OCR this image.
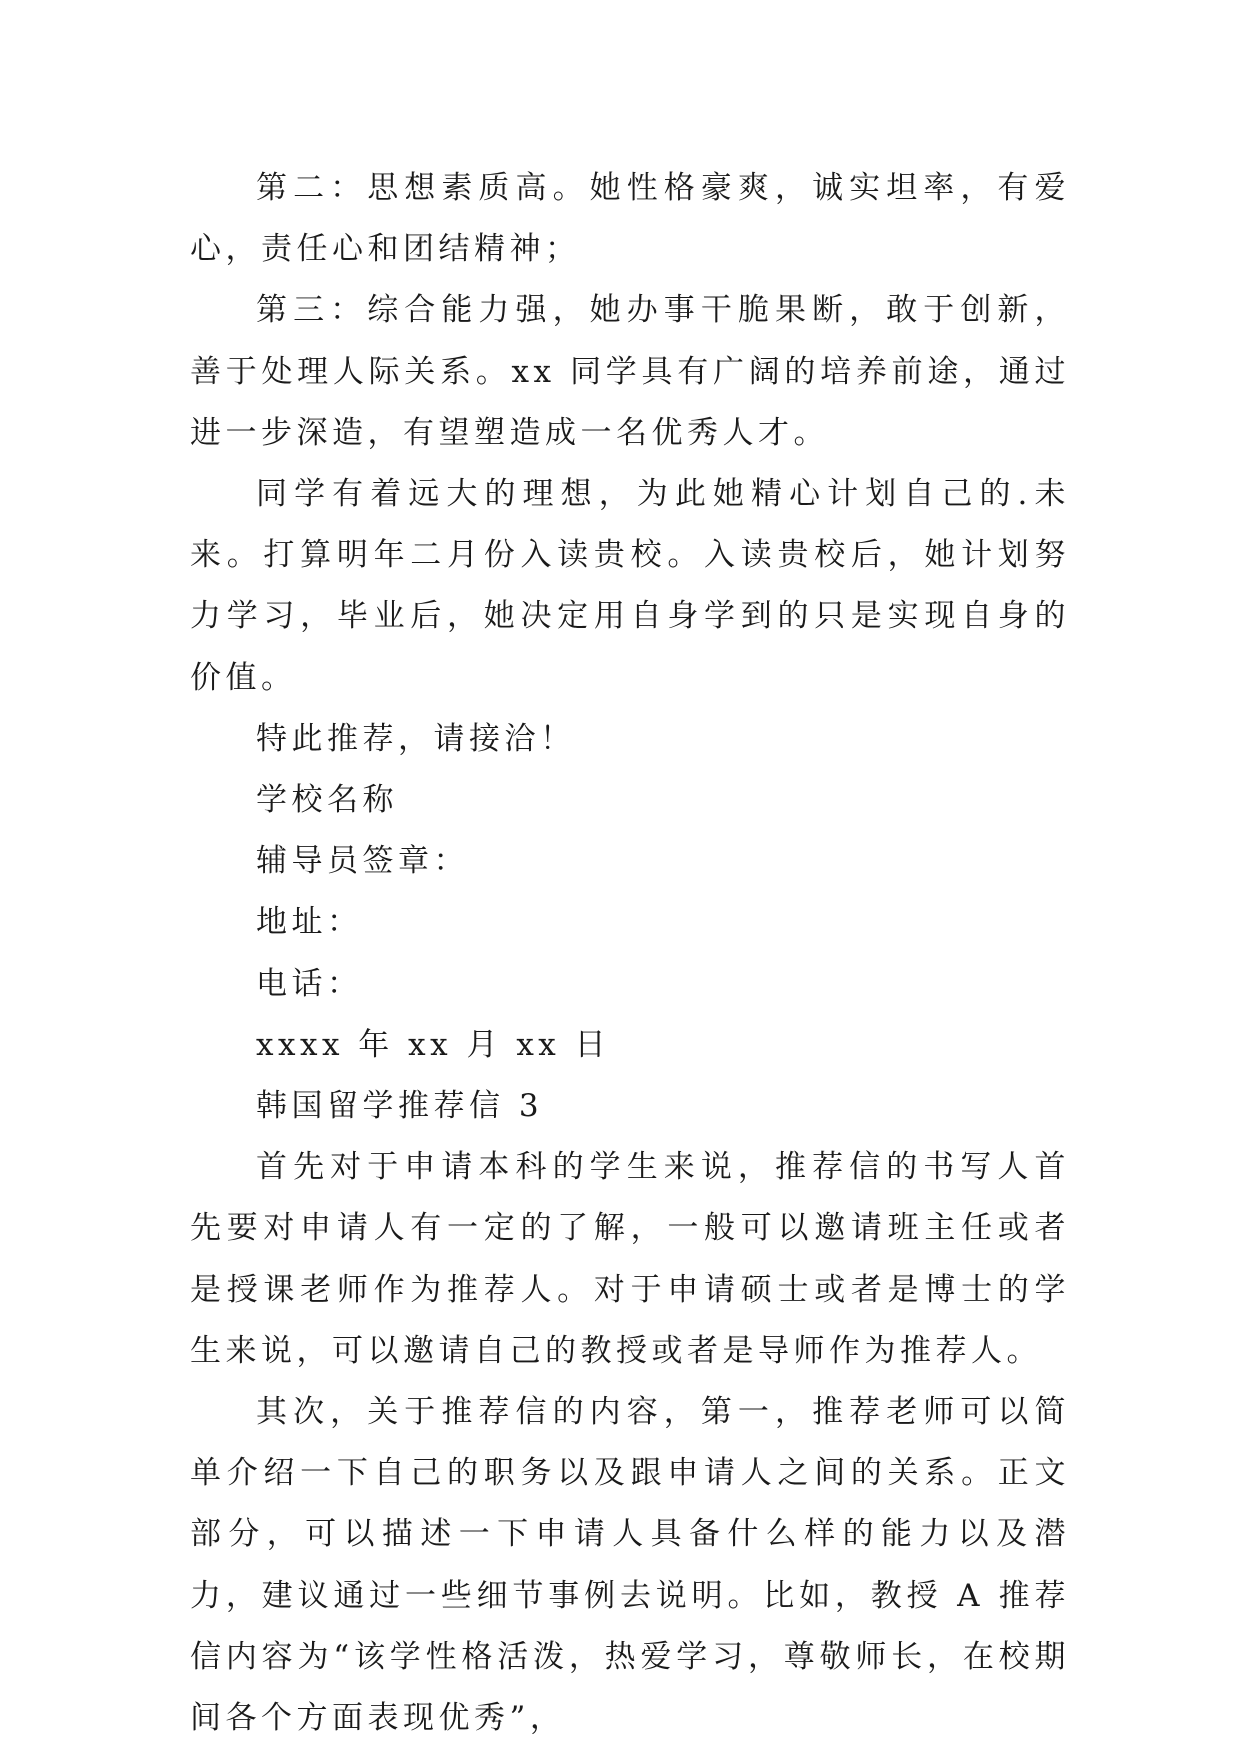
第二：思想素质高。她性格豪爽，诚实坦率，有爱心，责任心和团结精神；

第三：综合能力强，她办事干脆果断，敢于创新，善于处理人际关系。xx 同学具有广阔的培养前途，通过进一步深造，有望塑造成一名优秀人才。

同学有着远大的理想，为此她精心计划自己的.未来。打算明年二月份入读贵校。入读贵校后，她计划努力学习，毕业后，她决定用自身学到的只是实现自身的价值。

特此推荐，请接洽！

学校名称

辅导员签章：

地址：

电话：

xxxx 年 xx 月 xx 日

韩国留学推荐信 3

首先对于申请本科的学生来说，推荐信的书写人首先要对申请人有一定的了解，一般可以邀请班主任或者是授课老师作为推荐人。对于申请硕士或者是博士的学生来说，可以邀请自己的教授或者是导师作为推荐人。

其次，关于推荐信的内容，第一，推荐老师可以简单介绍一下自己的职务以及跟申请人之间的关系。正文部分，可以描述一下申请人具备什么样的能力以及潜力，建议通过一些细节事例去说明。比如，教授 A 推荐信内容为“该学性格活泼，热爱学习，尊敬师长，在校期间各个方面表现优秀”，
